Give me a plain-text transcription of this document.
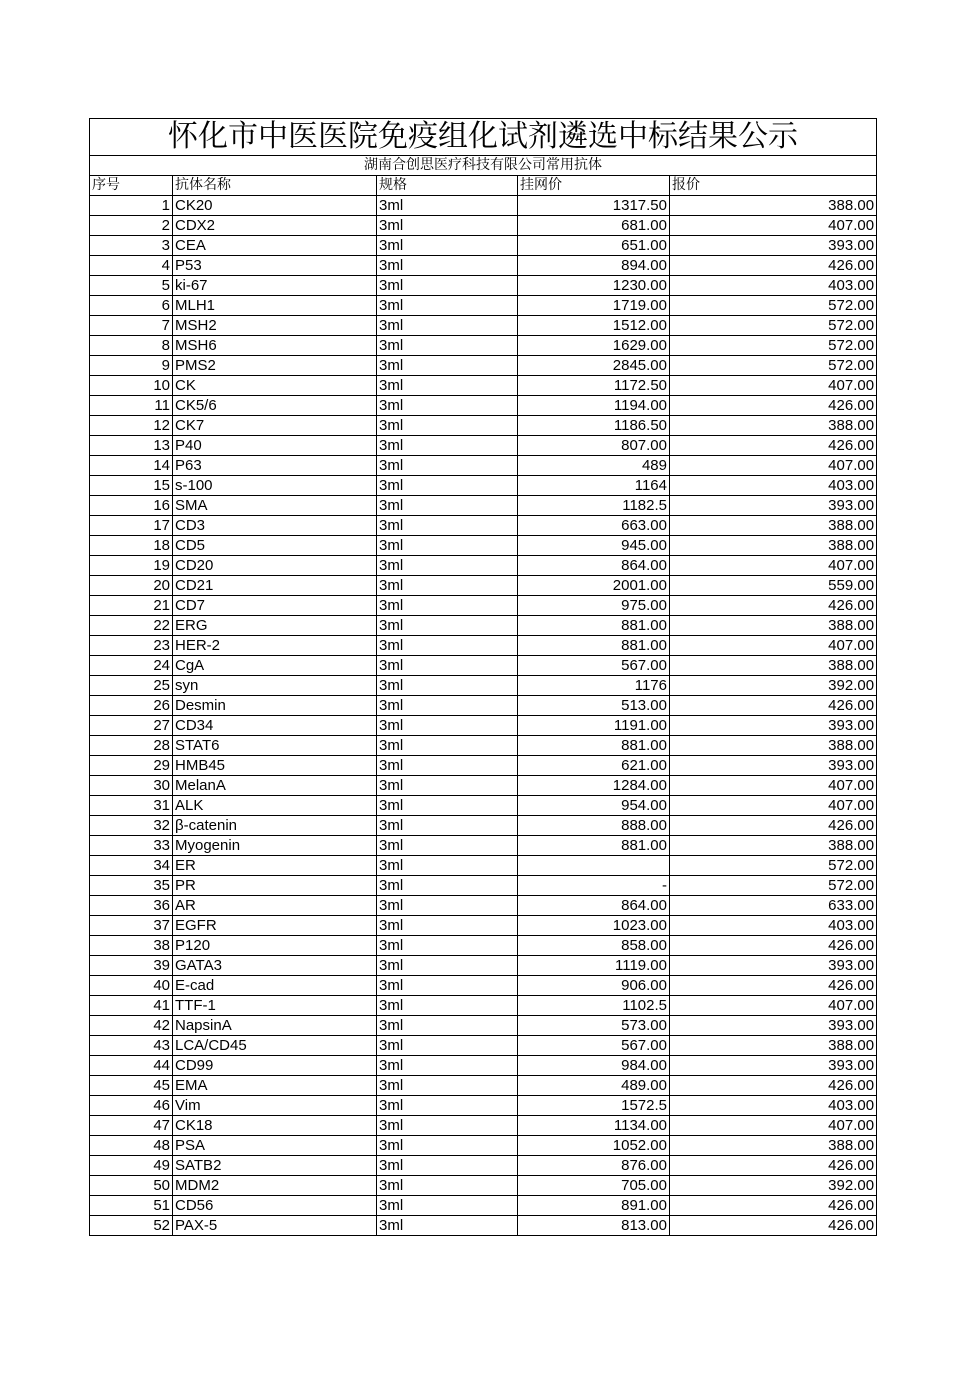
怀化市中医医院免疫组化试剂遴选中标结果公示				
湖南合创思医疗科技有限公司常用抗体				
序号	抗体名称	规格	挂网价	报价
1	CK20	3ml	1317.50	388.00
2	CDX2	3ml	681.00	407.00
3	CEA	3ml	651.00	393.00
4	P53	3ml	894.00	426.00
5	ki-67	3ml	1230.00	403.00
6	MLH1	3ml	1719.00	572.00
7	MSH2	3ml	1512.00	572.00
8	MSH6	3ml	1629.00	572.00
9	PMS2	3ml	2845.00	572.00
10	CK	3ml	1172.50	407.00
11	CK5/6	3ml	1194.00	426.00
12	CK7	3ml	1186.50	388.00
13	P40	3ml	807.00	426.00
14	P63	3ml	489	407.00
15	s-100	3ml	1164	403.00
16	SMA	3ml	1182.5	393.00
17	CD3	3ml	663.00	388.00
18	CD5	3ml	945.00	388.00
19	CD20	3ml	864.00	407.00
20	CD21	3ml	2001.00	559.00
21	CD7	3ml	975.00	426.00
22	ERG	3ml	881.00	388.00
23	HER-2	3ml	881.00	407.00
24	CgA	3ml	567.00	388.00
25	syn	3ml	1176	392.00
26	Desmin	3ml	513.00	426.00
27	CD34	3ml	1191.00	393.00
28	STAT6	3ml	881.00	388.00
29	HMB45	3ml	621.00	393.00
30	MelanA	3ml	1284.00	407.00
31	ALK	3ml	954.00	407.00
32	β-catenin	3ml	888.00	426.00
33	Myogenin	3ml	881.00	388.00
34	ER	3ml		572.00
35	PR	3ml	-	572.00
36	AR	3ml	864.00	633.00
37	EGFR	3ml	1023.00	403.00
38	P120	3ml	858.00	426.00
39	GATA3	3ml	1119.00	393.00
40	E-cad	3ml	906.00	426.00
41	TTF-1	3ml	1102.5	407.00
42	NapsinA	3ml	573.00	393.00
43	LCA/CD45	3ml	567.00	388.00
44	CD99	3ml	984.00	393.00
45	EMA	3ml	489.00	426.00
46	Vim	3ml	1572.5	403.00
47	CK18	3ml	1134.00	407.00
48	PSA	3ml	1052.00	388.00
49	SATB2	3ml	876.00	426.00
50	MDM2	3ml	705.00	392.00
51	CD56	3ml	891.00	426.00
52	PAX-5	3ml	813.00	426.00
